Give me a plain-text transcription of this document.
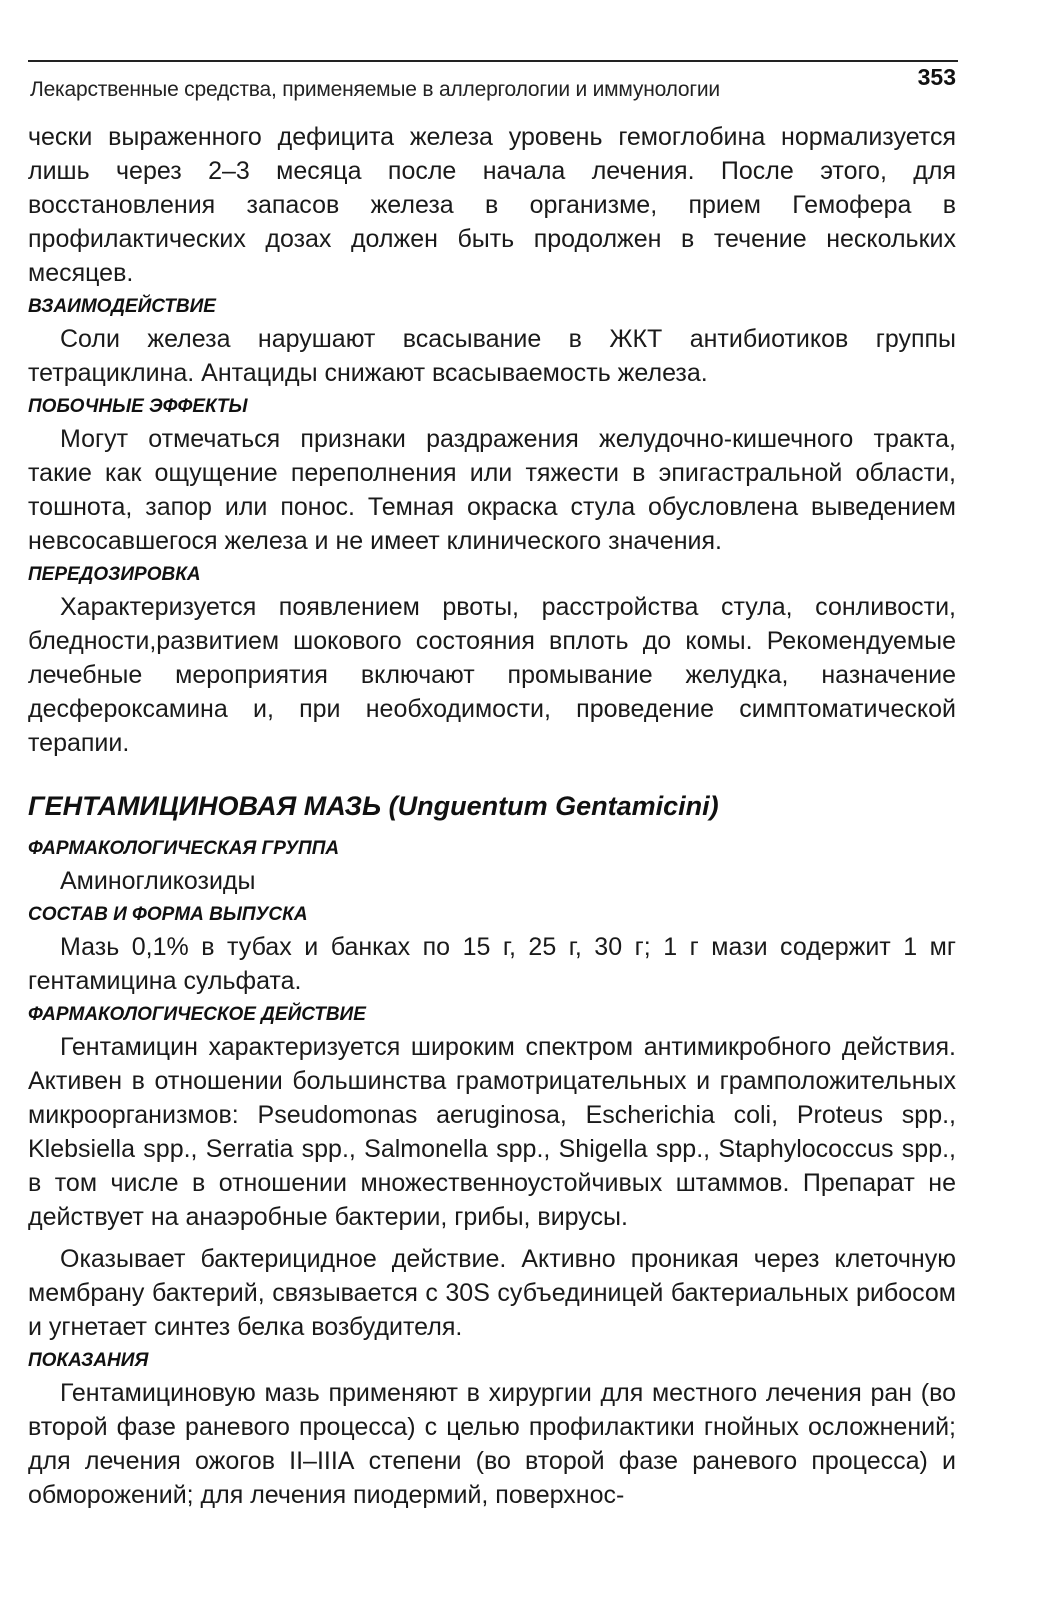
Лекарственные средства, применяемые в аллергологии и иммунологии	353

чески выраженного дефицита железа уровень гемоглобина нормализуется лишь через 2–3 месяца после начала лечения. После этого, для восстановления запасов железа в организме, прием Гемофера в профилактических дозах должен быть продолжен в течение нескольких месяцев.

ВЗАИМОДЕЙСТВИЕ

Соли железа нарушают всасывание в ЖКТ антибиотиков группы тетрациклина. Антациды снижают всасываемость железа.

ПОБОЧНЫЕ ЭФФЕКТЫ

Могут отмечаться признаки раздражения желудочно-кишечного тракта, такие как ощущение переполнения или тяжести в эпигастральной области, тошнота, запор или понос. Темная окраска стула обусловлена выведением невсосавшегося железа и не имеет клинического значения.

ПЕРЕДОЗИРОВКА

Характеризуется появлением рвоты, расстройства стула, сонливости, бледности,развитием шокового состояния вплоть до комы. Рекомендуемые лечебные мероприятия включают промывание желудка, назначение десфероксамина и, при необходимости, проведение симптоматической терапии.

ГЕНТАМИЦИНОВАЯ МАЗЬ (Unguentum Gentamicini)
ФАРМАКОЛОГИЧЕСКАЯ ГРУППА

Аминогликозиды

СОСТАВ И ФОРМА ВЫПУСКА

Мазь 0,1% в тубах и банках по 15 г, 25 г, 30 г; 1 г мази содержит 1 мг гентамицина сульфата.

ФАРМАКОЛОГИЧЕСКОЕ ДЕЙСТВИЕ

Гентамицин характеризуется широким спектром антимикробного действия. Активен в отношении большинства грамотрицательных и грамположительных микроорганизмов: Pseudomonas aeruginosa, Escherichia coli, Proteus spp., Klebsiella spp., Serratia spp., Salmonella spp., Shigella spp., Staphylococcus spp., в том числе в отношении множественноустойчивых штаммов. Препарат не действует на анаэробные бактерии, грибы, вирусы.

Оказывает бактерицидное действие. Активно проникая через клеточную мембрану бактерий, связывается с 30S субъединицей бактериальных рибосом и угнетает синтез белка возбудителя.

ПОКАЗАНИЯ

Гентамициновую мазь применяют в хирургии для местного лечения ран (во второй фазе раневого процесса) с целью профилактики гнойных осложнений; для лечения ожогов II–IIIА степени (во второй фазе раневого процесса) и обморожений; для лечения пиодермий, поверхнос-
